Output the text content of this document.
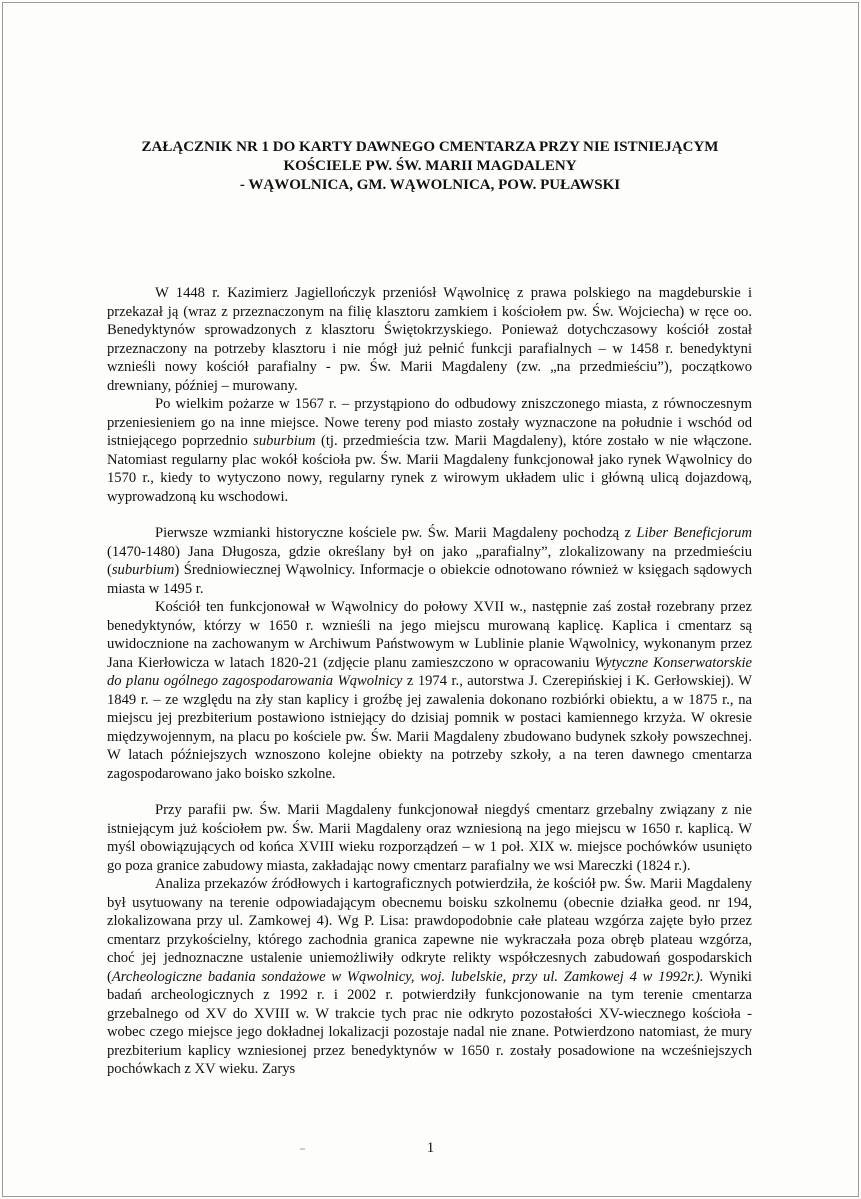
ZAŁĄCZNIK NR 1 DO KARTY DAWNEGO CMENTARZA PRZY NIE ISTNIEJĄCYM
KOŚCIELE PW. ŚW. MARII MAGDALENY
- WĄWOLNICA, GM. WĄWOLNICA, POW. PUŁAWSKI

W 1448 r. Kazimierz Jagiellończyk przeniósł Wąwolnicę z prawa polskiego na magdeburskie i przekazał ją (wraz z przeznaczonym na filię klasztoru zamkiem i kościołem pw. Św. Wojciecha) w ręce oo. Benedyktynów sprowadzonych z klasztoru Świętokrzyskiego. Ponieważ dotychczasowy kościół został przeznaczony na potrzeby klasztoru i nie mógł już pełnić funkcji parafialnych – w 1458 r. benedyktyni wznieśli nowy kościół parafialny - pw. Św. Marii Magdaleny (zw. „na przedmieściu”), początkowo drewniany, później – murowany.

Po wielkim pożarze w 1567 r. – przystąpiono do odbudowy zniszczonego miasta, z równoczesnym przeniesieniem go na inne miejsce. Nowe tereny pod miasto zostały wyznaczone na południe i wschód od istniejącego poprzednio suburbium (tj. przedmieścia tzw. Marii Magdaleny), które zostało w nie włączone. Natomiast regularny plac wokół kościoła pw. Św. Marii Magdaleny funkcjonował jako rynek Wąwolnicy do 1570 r., kiedy to wytyczono nowy, regularny rynek z wirowym układem ulic i główną ulicą dojazdową, wyprowadzoną ku wschodowi.

Pierwsze wzmianki historyczne kościele pw. Św. Marii Magdaleny pochodzą z Liber Beneficjorum (1470-1480) Jana Długosza, gdzie określany był on jako „parafialny”, zlokalizowany na przedmieściu (suburbium) Średniowiecznej Wąwolnicy. Informacje o obiekcie odnotowano również w księgach sądowych miasta w 1495 r.

Kościół ten funkcjonował w Wąwolnicy do połowy XVII w., następnie zaś został rozebrany przez benedyktynów, którzy w 1650 r. wznieśli na jego miejscu murowaną kaplicę. Kaplica i cmentarz są uwidocznione na zachowanym w Archiwum Państwowym w Lublinie planie Wąwolnicy, wykonanym przez Jana Kierłowicza w latach 1820-21 (zdjęcie planu zamieszczono w opracowaniu Wytyczne Konserwatorskie do planu ogólnego zagospodarowania Wąwolnicy z 1974 r., autorstwa J. Czerepińskiej i K. Gerłowskiej). W 1849 r. – ze względu na zły stan kaplicy i groźbę jej zawalenia dokonano rozbiórki obiektu, a w 1875 r., na miejscu jej prezbiterium postawiono istniejący do dzisiaj pomnik w postaci kamiennego krzyża. W okresie międzywojennym, na placu po kościele pw. Św. Marii Magdaleny zbudowano budynek szkoły powszechnej. W latach późniejszych wznoszono kolejne obiekty na potrzeby szkoły, a na teren dawnego cmentarza zagospodarowano jako boisko szkolne.

Przy parafii pw. Św. Marii Magdaleny funkcjonował niegdyś cmentarz grzebalny związany z nie istniejącym już kościołem pw. Św. Marii Magdaleny oraz wzniesioną na jego miejscu w 1650 r. kaplicą. W myśl obowiązujących od końca XVIII wieku rozporządzeń – w 1 poł. XIX w. miejsce pochówków usunięto go poza granice zabudowy miasta, zakładając nowy cmentarz parafialny we wsi Mareczki (1824 r.).

Analiza przekazów źródłowych i kartograficznych potwierdziła, że kościół pw. Św. Marii Magdaleny był usytuowany na terenie odpowiadającym obecnemu boisku szkolnemu (obecnie działka geod. nr 194, zlokalizowana przy ul. Zamkowej 4). Wg P. Lisa: prawdopodobnie całe plateau wzgórza zajęte było przez cmentarz przykościelny, którego zachodnia granica zapewne nie wykraczała poza obręb plateau wzgórza, choć jej jednoznaczne ustalenie uniemożliwiły odkryte relikty współczesnych zabudowań gospodarskich (Archeologiczne badania sondażowe w Wąwolnicy, woj. lubelskie, przy ul. Zamkowej 4 w 1992r.). Wyniki badań archeologicznych z 1992 r. i 2002 r. potwierdziły funkcjonowanie na tym terenie cmentarza grzebalnego od XV do XVIII w. W trakcie tych prac nie odkryto pozostałości XV-wiecznego kościoła - wobec czego miejsce jego dokładnej lokalizacji pozostaje nadal nie znane. Potwierdzono natomiast, że mury prezbiterium kaplicy wzniesionej przez benedyktynów w 1650 r. zostały posadowione na wcześniejszych pochówkach z XV wieku. Zarys

1
